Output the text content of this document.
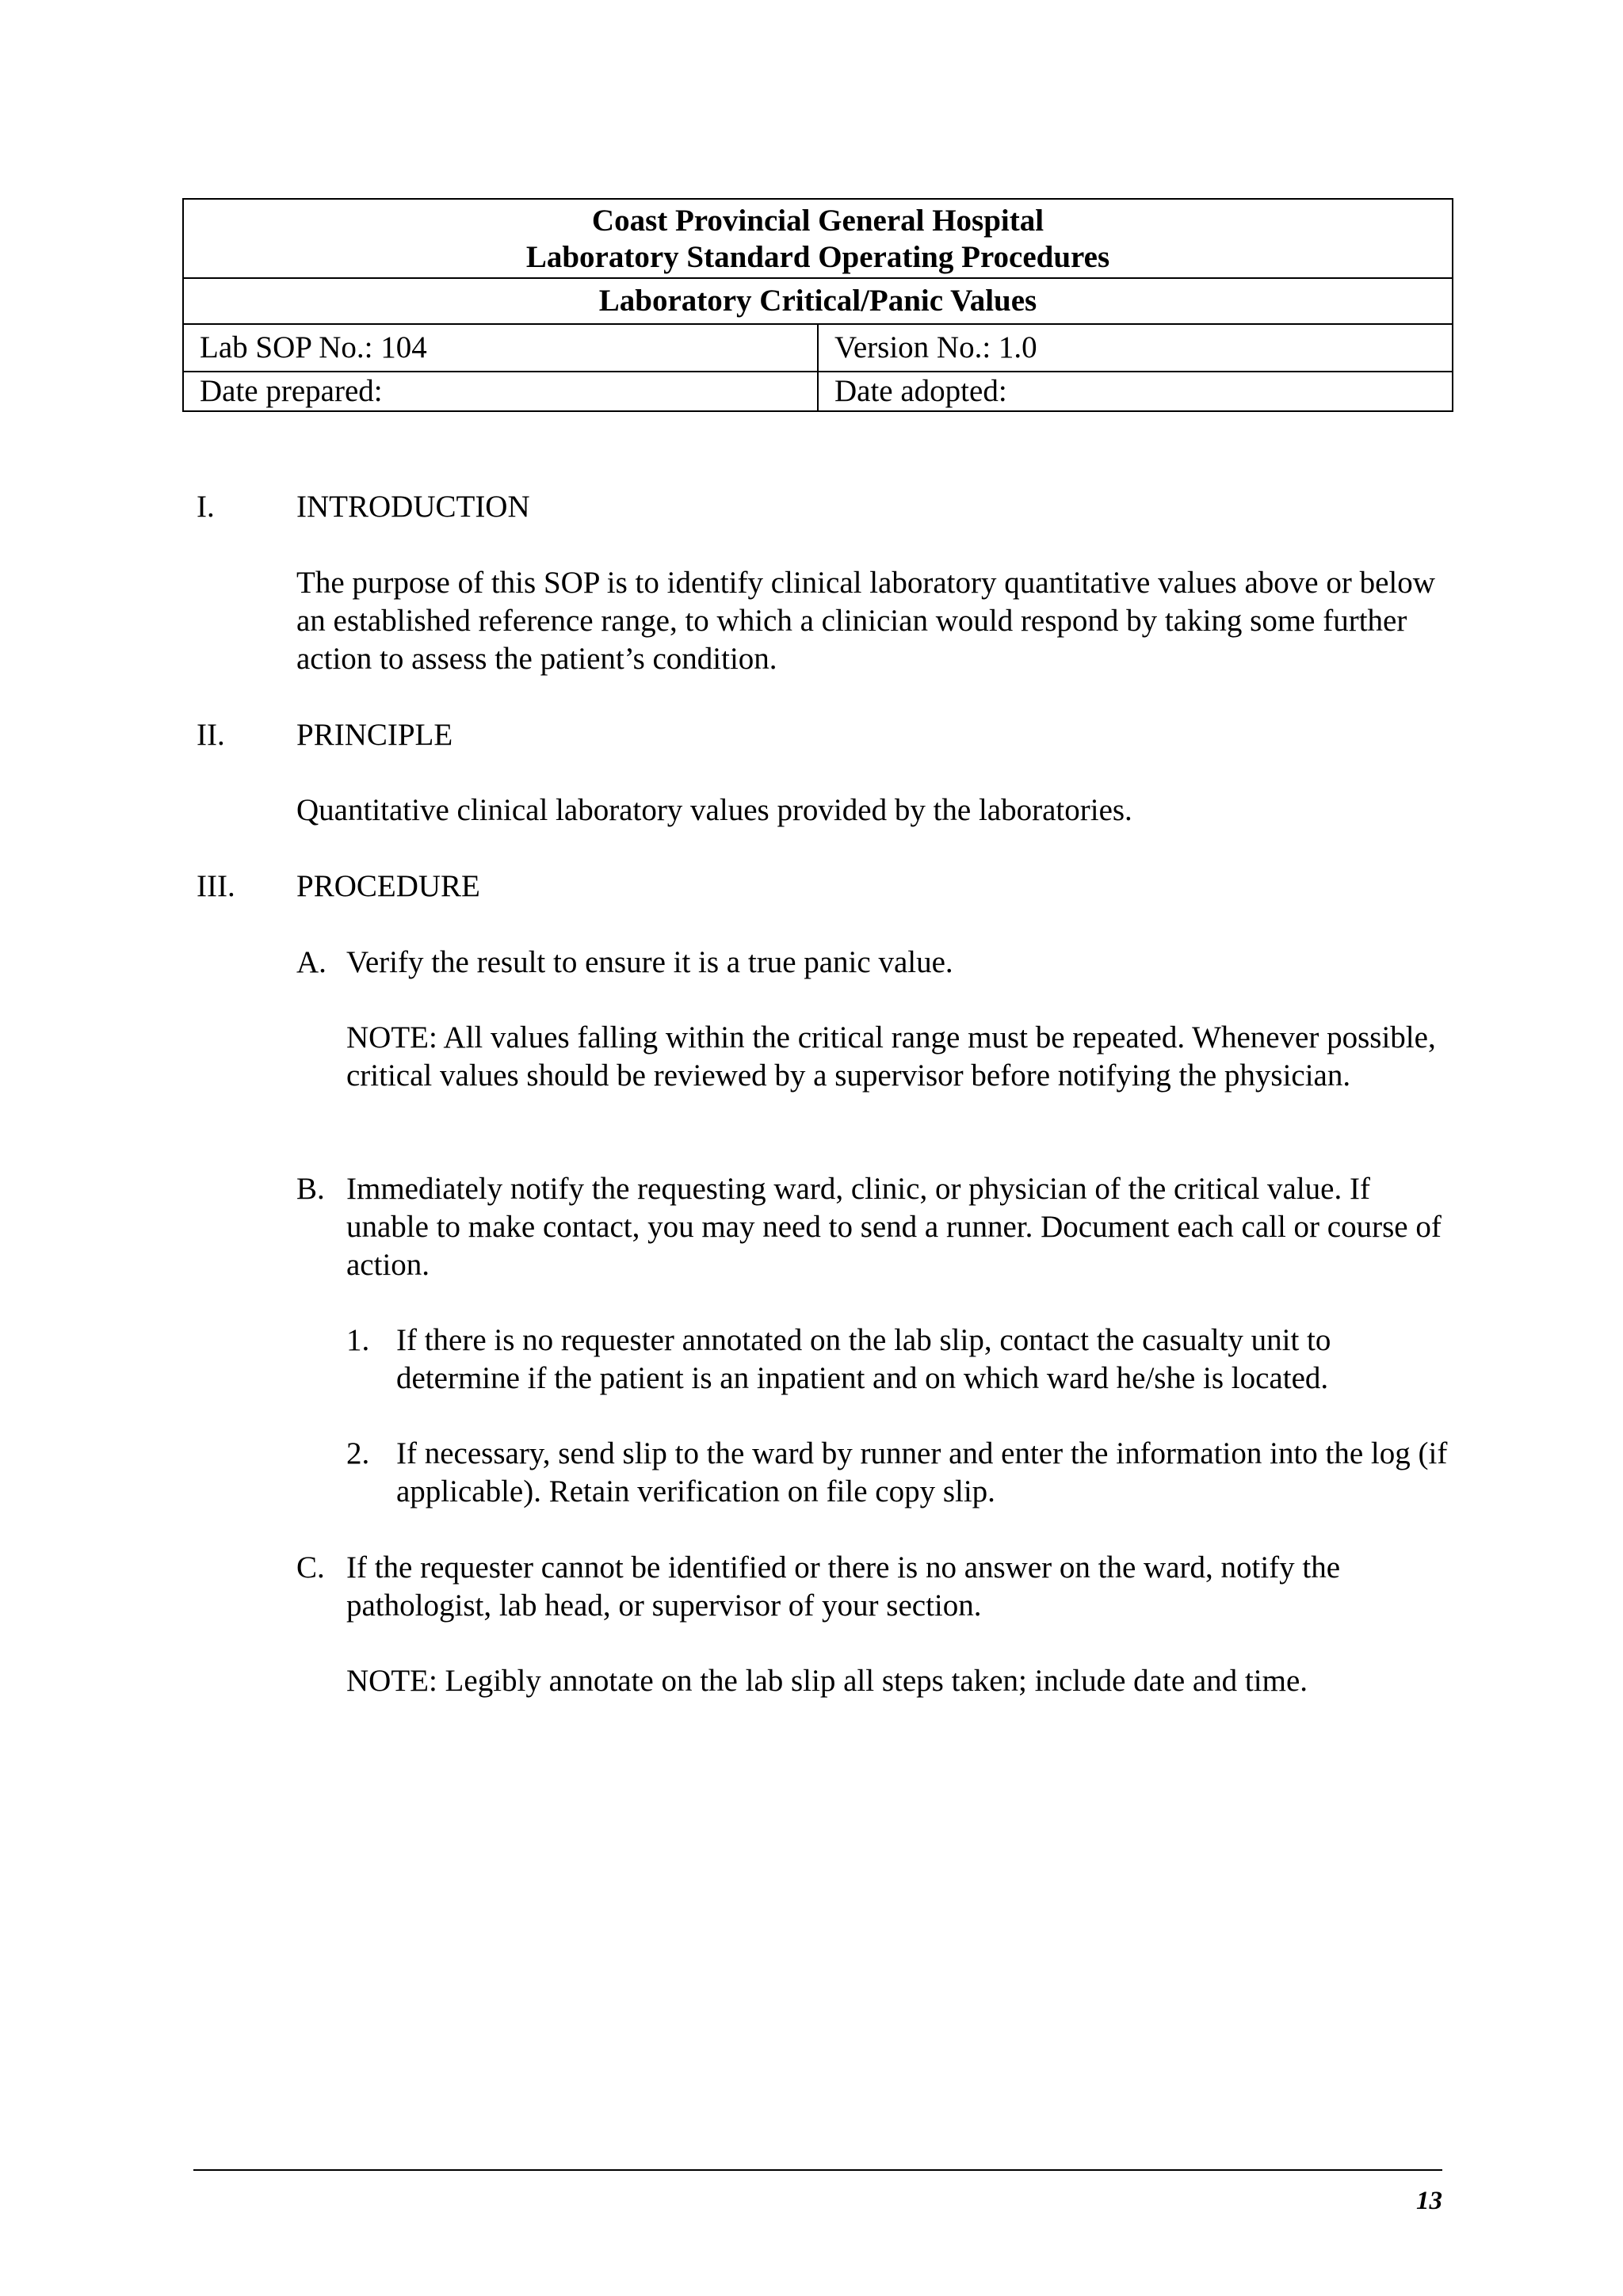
Coast Provincial General Hospital
Laboratory Standard Operating Procedures	

Laboratory Critical/Panic Values	
Lab SOP No.: 104	Version No.: 1.0
Date prepared:	Date adopted:
I.	INTRODUCTION
The purpose of this SOP is to identify clinical laboratory quantitative values above or below an established reference range, to which a clinician would respond by taking some further action to assess the patient’s condition.
II. PRINCIPLE
Quantitative clinical laboratory values provided by the laboratories.
III. PROCEDURE
A. Verify the result to ensure it is a true panic value.
NOTE: All values falling within the critical range must be repeated. Whenever possible, critical values should be reviewed by a supervisor before notifying the physician.
B. Immediately notify the requesting ward, clinic, or physician of the critical value. If unable to make contact, you may need to send a runner. Document each call or course of action.
1. If there is no requester annotated on the lab slip, contact the casualty unit to determine if the patient is an inpatient and on which ward he/she is located.
2. If necessary, send slip to the ward by runner and enter the information into the log (if applicable). Retain verification on file copy slip.
C. If the requester cannot be identified or there is no answer on the ward, notify the pathologist, lab head, or supervisor of your section.
NOTE: Legibly annotate on the lab slip all steps taken; include date and time.
13
